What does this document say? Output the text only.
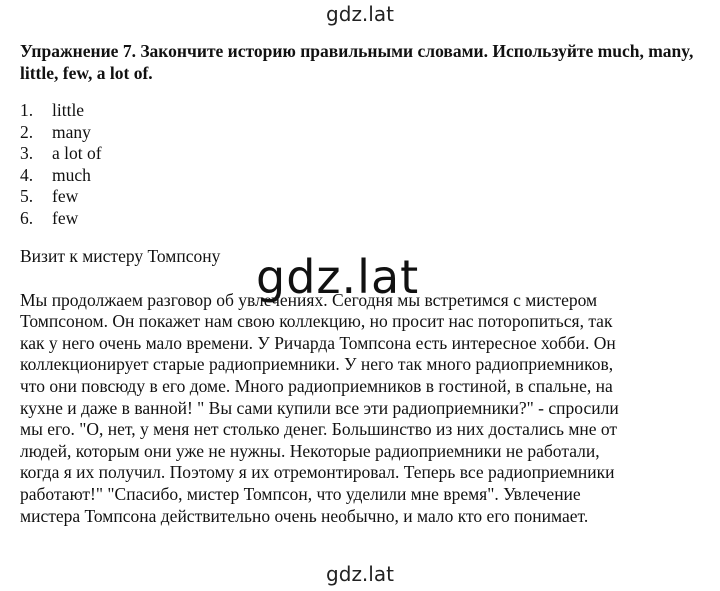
gdz.lat

Упражнение 7. Закончите историю правильными словами. Используйте much, many, little, few, a lot of.

1.	little
2.	many
3.	a lot of
4.	much
5.	few
6.	few
Визит к мистеру Томпсону
Мы продолжаем разговор об увлечениях. Сегодня мы встретимся с мистером
Томпсоном. Он покажет нам свою коллекцию, но просит нас поторопиться, так
как у него очень мало времени. У Ричарда Томпсона есть интересное хобби. Он
коллекционирует старые радиоприемники. У него так много радиоприемников,
что они повсюду в его доме. Много радиоприемников в гостиной, в спальне, на
кухне и даже в ванной! " Вы сами купили все эти радиоприемники?" - спросили
мы его. "О, нет, у меня нет столько денег. Большинство из них достались мне от
людей, которым они уже не нужны. Некоторые радиоприемники не работали,
когда я их получил. Поэтому я их отремонтировал. Теперь все радиоприемники
работают!" "Спасибо, мистер Томпсон, что уделили мне время". Увлечение
мистера Томпсона действительно очень необычно, и мало кто его понимает.
gdz.lat
gdz.lat
